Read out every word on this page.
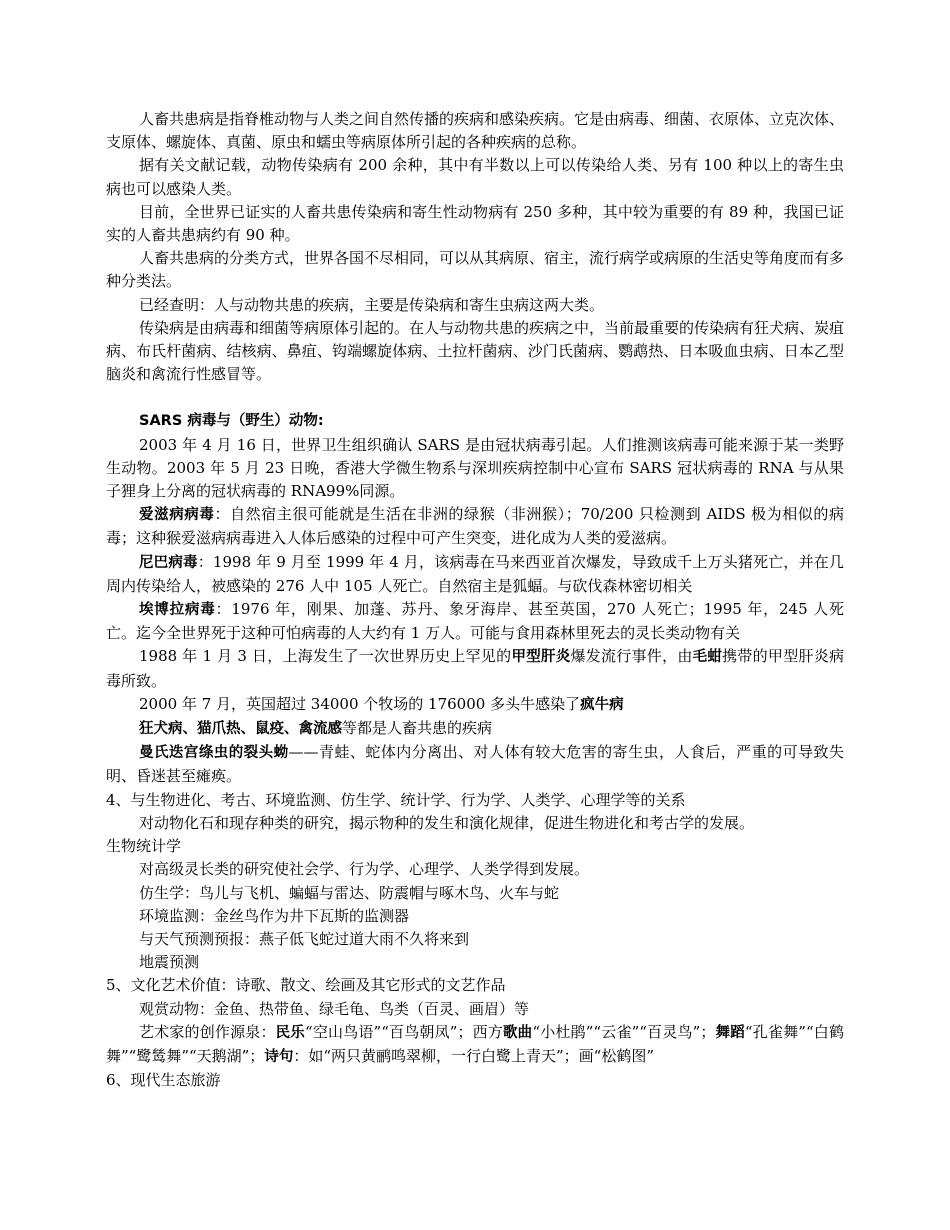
人畜共患病是指脊椎动物与人类之间自然传播的疾病和感染疾病。它是由病毒、细菌、衣原体、立克次体、支原体、螺旋体、真菌、原虫和蠕虫等病原体所引起的各种疾病的总称。

据有关文献记载，动物传染病有 200 余种，其中有半数以上可以传染给人类、另有 100 种以上的寄生虫病也可以感染人类。

目前，全世界已证实的人畜共患传染病和寄生性动物病有 250 多种，其中较为重要的有 89 种，我国已证实的人畜共患病约有 90 种。

人畜共患病的分类方式，世界各国不尽相同，可以从其病原、宿主，流行病学或病原的生活史等角度而有多种分类法。

已经查明：人与动物共患的疾病，主要是传染病和寄生虫病这两大类。

传染病是由病毒和细菌等病原体引起的。在人与动物共患的疾病之中，当前最重要的传染病有狂犬病、炭疽病、布氏杆菌病、结核病、鼻疽、钩端螺旋体病、土拉杆菌病、沙门氏菌病、鹦鹉热、日本吸血虫病、日本乙型脑炎和禽流行性感冒等。

SARS 病毒与（野生）动物:

2003 年 4 月 16 日，世界卫生组织确认 SARS 是由冠状病毒引起。人们推测该病毒可能来源于某一类野生动物。2003 年 5 月 23 日晚，香港大学微生物系与深圳疾病控制中心宣布 SARS 冠状病毒的 RNA 与从果子狸身上分离的冠状病毒的 RNA99%同源。

爱滋病病毒：自然宿主很可能就是生活在非洲的绿猴（非洲猴）；70/200 只检测到 AIDS 极为相似的病毒；这种猴爱滋病病毒进入人体后感染的过程中可产生突变，进化成为人类的爱滋病。

尼巴病毒：1998 年 9 月至 1999 年 4 月，该病毒在马来西亚首次爆发，导致成千上万头猪死亡，并在几周内传染给人，被感染的 276 人中 105 人死亡。自然宿主是狐蝠。与砍伐森林密切相关

埃博拉病毒：1976 年，刚果、加蓬、苏丹、象牙海岸、甚至英国，270 人死亡；1995 年，245 人死亡。迄今全世界死于这种可怕病毒的人大约有 1 万人。可能与食用森林里死去的灵长类动物有关

1988 年 1 月 3 日，上海发生了一次世界历史上罕见的甲型肝炎爆发流行事件，由毛蚶携带的甲型肝炎病毒所致。

2000 年 7 月，英国超过 34000 个牧场的 176000 多头牛感染了疯牛病

狂犬病、猫爪热、鼠疫、禽流感等都是人畜共患的疾病

曼氏迭宫绦虫的裂头蚴——青蛙、蛇体内分离出、对人体有较大危害的寄生虫，人食后，严重的可导致失明、昏迷甚至瘫痪。

4、与生物进化、考古、环境监测、仿生学、统计学、行为学、人类学、心理学等的关系

对动物化石和现存种类的研究，揭示物种的发生和演化规律，促进生物进化和考古学的发展。

生物统计学

对高级灵长类的研究使社会学、行为学、心理学、人类学得到发展。

仿生学：鸟儿与飞机、蝙蝠与雷达、防震帽与啄木鸟、火车与蛇

环境监测：金丝鸟作为井下瓦斯的监测器

与天气预测预报：燕子低飞蛇过道大雨不久将来到

地震预测

5、文化艺术价值：诗歌、散文、绘画及其它形式的文艺作品

观赏动物：金鱼、热带鱼、绿毛龟、鸟类（百灵、画眉）等

艺术家的创作源泉：民乐“空山鸟语”“百鸟朝凤”；西方歌曲“小杜鹃”“云雀”“百灵鸟”；舞蹈“孔雀舞”“白鹤舞”“鹭鸶舞”“天鹅湖”；诗句：如“两只黄鹂鸣翠柳，一行白鹭上青天”；画“松鹤图”

6、现代生态旅游
